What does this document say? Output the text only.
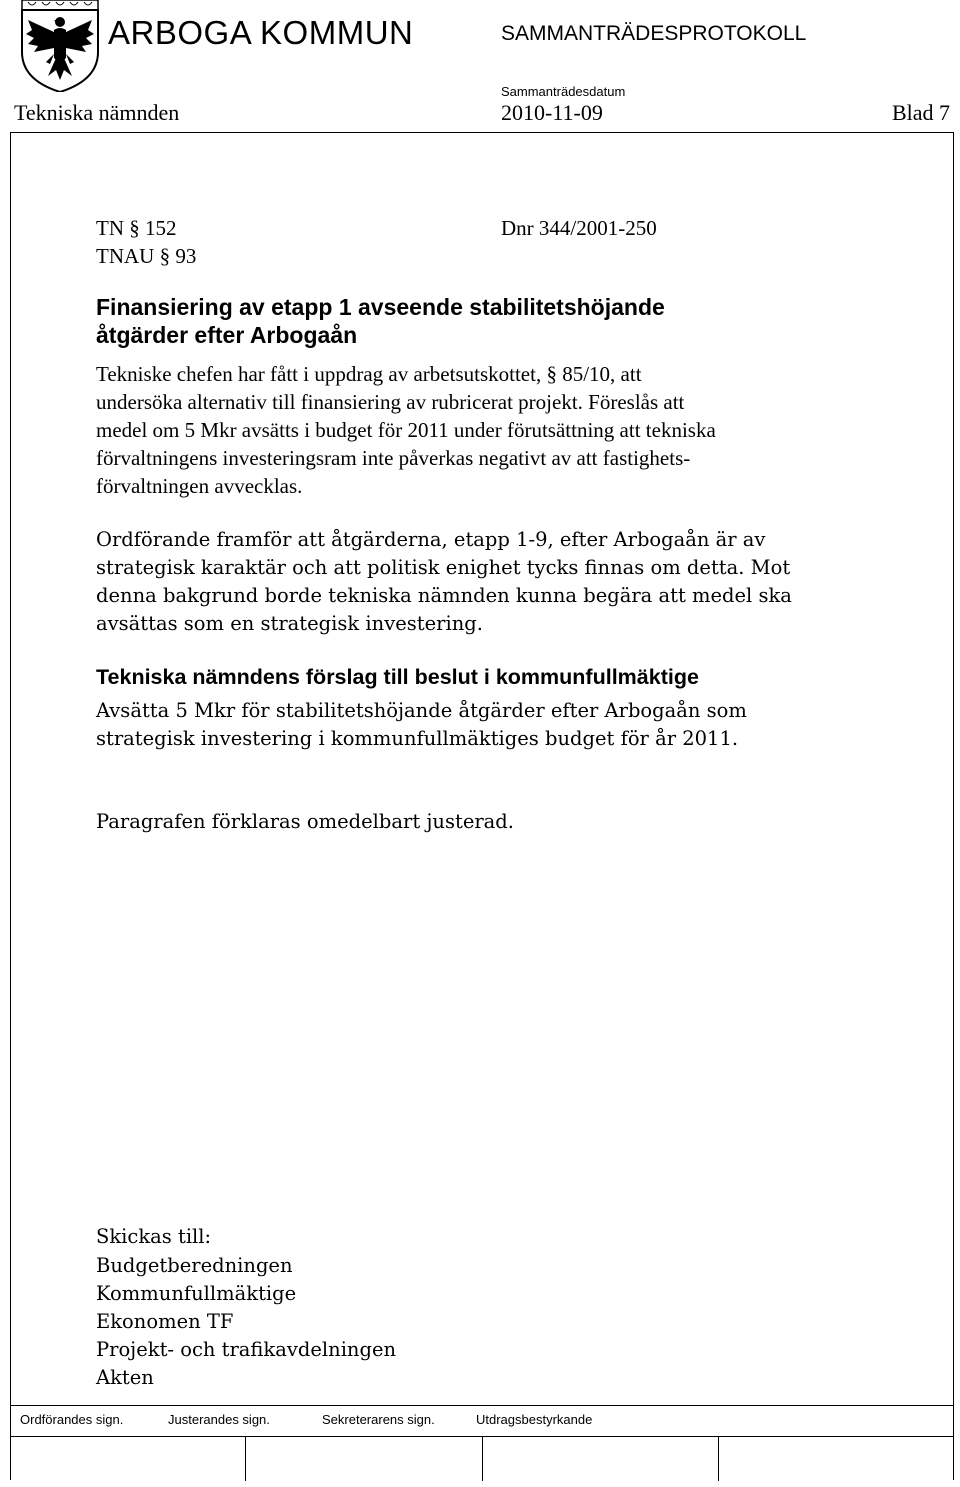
ARBOGA KOMMUN	SAMMANTRÄDESPROTOKOLL
Sammanträdesdatum
Tekniska nämnden	2010-11-09	Blad 7
TN § 152
TNAU § 93
Dnr 344/2001-250
Finansiering av etapp 1 avseende stabilitetshöjande
åtgärder efter Arbogaån
Tekniske chefen har fått i uppdrag av arbetsutskottet, § 85/10, att
undersöka alternativ till finansiering av rubricerat projekt. Föreslås att
medel om 5 Mkr avsätts i budget för 2011 under förutsättning att tekniska
förvaltningens investeringsram inte påverkas negativt av att fastighets-
förvaltningen avvecklas.
Ordförande framför att åtgärderna, etapp 1-9, efter Arbogaån är av
strategisk karaktär och att politisk enighet tycks finnas om detta. Mot
denna bakgrund borde tekniska nämnden kunna begära att medel ska
avsättas som en strategisk investering.
Tekniska nämndens förslag till beslut i kommunfullmäktige
Avsätta 5 Mkr för stabilitetshöjande åtgärder efter Arbogaån som
strategisk investering i kommunfullmäktiges budget för år 2011.
Paragrafen förklaras omedelbart justerad.
Skickas till:
Budgetberedningen
Kommunfullmäktige
Ekonomen TF
Projekt- och trafikavdelningen
Akten
Ordförandes sign.	Justerandes sign.	Sekreterarens sign.	Utdragsbestyrkande
